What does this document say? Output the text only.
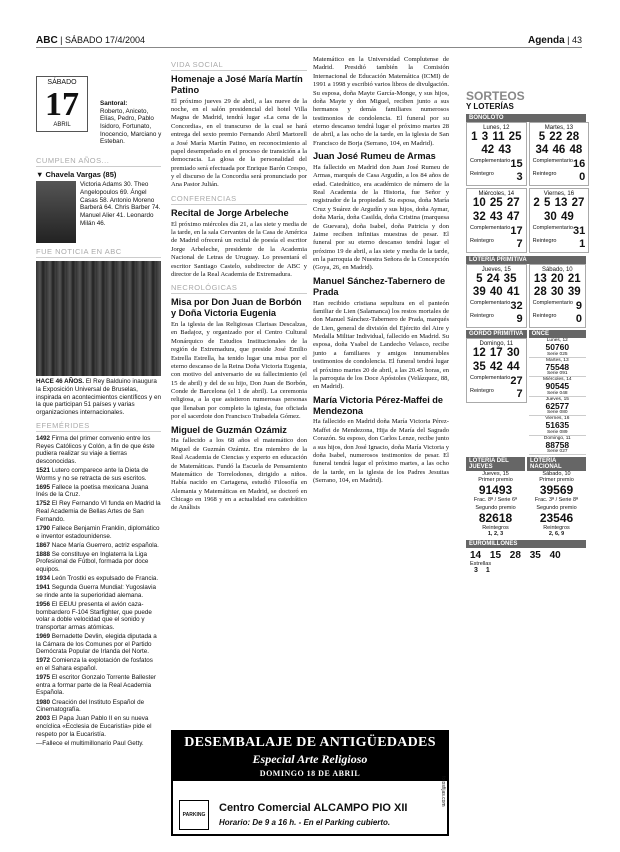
ABC | SÁBADO 17/4/2004	Agenda | 43
SÁBADO
17
ABRIL
Santoral:
Roberto, Aniceto, Elías, Pedro, Pablo Isidoro, Fortunato, Inocencio, Marciano y Esteban.
CUMPLEN AÑOS...
▼ Chavela Vargas (85)
Victoria Adams 30. Theo Angelopoulos 69. Ángel Casas 58. Antonio Moreno Barberá 64. Chris Barber 74. Manuel Alier 41. Leonardo Milán 46.
FUE NOTICIA EN ABC
HACE 46 AÑOS. El Rey Balduino inaugura la Exposición Universal de Bruselas, inspirada en acontecimientos científicos y en la que participan 51 países y varias organizaciones internacionales.
EFEMÉRIDES
1492 Firma del primer convenio entre los Reyes Católicos y Colón, a fin de que éste pudiera realizar su viaje a tierras desconocidas.
1521 Lutero comparece ante la Dieta de Worms y no se retracta de sus escritos.
1695 Fallece la poetisa mexicana Juana Inés de la Cruz.
1752 El Rey Fernando VI funda en Madrid la Real Academia de Bellas Artes de San Fernando.
1790 Fallece Benjamin Franklin, diplomático e inventor estadounidense.
1867 Nace María Guerrero, actriz española.
1888 Se constituye en Inglaterra la Liga Profesional de Fútbol, formada por doce equipos.
1934 León Trostki es expulsado de Francia.
1941 Segunda Guerra Mundial: Yugoslavia se rinde ante la superioridad alemana.
1956 El EEUU presenta el avión caza-bombardero F-104 Starfighter, que puede volar a doble velocidad que el sonido y transportar armas atómicas.
1969 Bernadette Devlin, elegida diputada a la Cámara de los Comunes por el Partido Demócrata Popular de Irlanda del Norte.
1972 Comienza la explotación de fosfatos en el Sahara español.
1975 El escritor Gonzalo Torrente Ballester entra a formar parte de la Real Academia Española.
1980 Creación del Instituto Español de Cinematografía.
2003 El Papa Juan Pablo II en su nueva encíclica «Ecclesia de Eucaristía» pide el respeto por la Eucaristía.
—Fallece el multimillonario Paul Getty.
VIDA SOCIAL
Homenaje a José María Martín Patino
El próximo jueves 29 de abril, a las nueve de la noche, en el salón presidencial del hotel Villa Magna de Madrid, tendrá lugar «La cena de la Concordia», en el transcurso de la cual se hará entrega del sexto premio Fernando Abril Martorell a José María Martín Patino, en reconocimiento al papel desempeñado en el proceso de transición a la democracia. La glosa de la personalidad del premiado será efectuada por Enrique Barón Crespo, y el discurso de la Concordia será pronunciado por Ana Pastor Julián.
CONFERENCIAS
Recital de Jorge Arbeleche
El próximo miércoles día 21, a las siete y media de la tarde, en la sala Cervantes de la Casa de América de Madrid ofrecerá un recital de poesía el escritor Jorge Arbeleche, presidente de la Academia Nacional de Letras de Uruguay. Lo presentará el escritor Santiago Castelo, subdirector de ABC y director de la Real Academia de Extremadura.
NECROLÓGICAS
Misa por Don Juan de Borbón y Doña Victoria Eugenia
En la iglesia de las Religiosas Clarisas Descalzas, en Badajoz, y organizado por el Centro Cultural Monárquico de Estudios Institucionales de la región de Extremadura, que preside José Emilio Estrella Estrella, ha tenido lugar una misa por el eterno descanso de la Reina Doña Victoria Eugenia, con motivo del aniversario de su fallecimiento (el 15 de abril) y del de su hijo, Don Juan de Borbón, Conde de Barcelona (el 1 de abril). La ceremonia religiosa, a la que asistieron numerosas personas que llenaban por completo la iglesia, fue oficiada por el sacerdote don Francisco Trabadela Gómez.
Miguel de Guzmán Ozámiz
Ha fallecido a los 68 años el matemático don Miguel de Guzmán Ozámiz. Era miembro de la Real Academia de Ciencias y experto en educación de Matemáticas. Fundó la Escuela de Pensamiento Matemático de Torrelodones, dirigido a niños. Había nacido en Cartagena, estudió Filosofía en Alemania y Matemáticas en Madrid, se doctoró en Chicago en 1968 y en a actualidad era catedrático de Análisis
Matemático en la Universidad Complutense de Madrid. Presidió también la Comisión Internacional de Educación Matemática (ICMI) de 1991 a 1998 y escribió varios libros de divulgación. Su esposa, doña Mayte García-Monge, y sus hijos, doña Mayte y don Miguel, reciben junto a sus hermanos y demás familiares numerosos testimonios de condolencia. El funeral por su eterno descanso tendrá lugar el próximo martes 28 de abril, a las ocho de la tarde, en la iglesia de San Francisco de Borja (Serrano, 104, en Madrid).
Juan José Rumeu de Armas
Ha fallecido en Madrid don Juan José Rumeu de Armas, marqués de Casa Argudín, a los 84 años de edad. Catedrático, era académico de número de la Real Academia de la Historia, fue Señor y registrador de la propiedad. Su esposa, doña María Cruz y Suárez de Argudín y sus hijos, doña Aymar, doña María, doña Casilda, doña Cristina (marquesa de Guevara), doña Isabel, doña Patricia y don Jaime reciben infinitas muestras de pesar. El funeral por su eterno descanso tendrá lugar el próximo 19 de abril, a las siete y media de la tarde, en la parroquia de Nuestra Señora de la Concepción (Goya, 26, en Madrid).
Manuel Sánchez-Tabernero de Prada
Han recibido cristiana sepultura en el panteón familiar de Lien (Salamanca) los restos mortales de don Manuel Sánchez-Tabernero de Prada, marqués de Lien, general de división del Ejército del Aire y Medalla Militar Individual, fallecido en Madrid. Su esposa, doña Ysabel de Landecho Velasco, recibe junto a familiares y amigos innumerables testimonios de condolencia. El funeral tendrá lugar el próximo martes 20 de abril, a las 20.45 horas, en la parroquia de los Doce Apóstoles (Velázquez, 88, en Madrid).
María Victoria Pérez-Maffei de Mendezona
Ha fallecido en Madrid doña María Victoria Pérez-Maffei de Mendezona, Hija de María del Sagrado Corazón. Su esposo, don Carlos Lenze, recibe junto a sus hijos, don José Ignacio, doña María Victoria y doña Isabel, numerosos testimonios de pesar. El funeral tendrá lugar el próximo martes, a las ocho de la tarde, en la iglesia de los Padres Jesuitas (Serrano, 104, en Madrid).
DESEMBALAJE DE ANTIGÜEDADES
Especial Arte Religioso
DOMINGO 18 DE ABRIL
PARKING
Centro Comercial ALCAMPO PIO XII
Horario: De 9 a 16 h. - En el Parking cubierto.
fotosfijas.com
SORTEOS
Y LOTERÍAS
BONOLOTO
Lunes, 12
1 3 11 25 42 43
Complementario 15
Reintegro 3
Martes, 13
5 22 28 34 46 48
Complementario 16
Reintegro 0
Miércoles, 14
10 25 27 32 43 47
Complementario 17
Reintegro 7
Viernes, 16
2 5 13 27 30 49
Complementario 31
Reintegro 1
LOTERÍA PRIMITIVA
Jueves, 15
5 24 35 39 40 41
Complementario 32
Reintegro 9
Sábado, 10
13 20 21 28 30 39
Complementario 9
Reintegro 0
GORDO PRIMITIVA
Domingo, 11
12 17 30 35 42 44
Complementario 27
Reintegro 7
ONCE
Lunes, 12
50760
Serie 025
Martes, 13
75548
Serie 091
Miércoles, 14
90545
Serie 048
Jueves, 15
62577
Serie 080
Viernes, 16
51635
Serie 089
Domingo, 11
88758
Serie 027
LOTERÍA DEL JUEVES
Jueves, 15
Primer premio
91493
Frac. 8ª / Serie 6ª
Segundo premio
82618
Reintegros
1, 2, 3
LOTERÍA NACIONAL
Sábado, 10
Primer premio
39569
Frac. 3ª / Serie 8ª
Segundo premio
23546
Reintegros
2, 6, 9
EUROMILLONES
14 15 28 35 40
Estrellas
3 1
